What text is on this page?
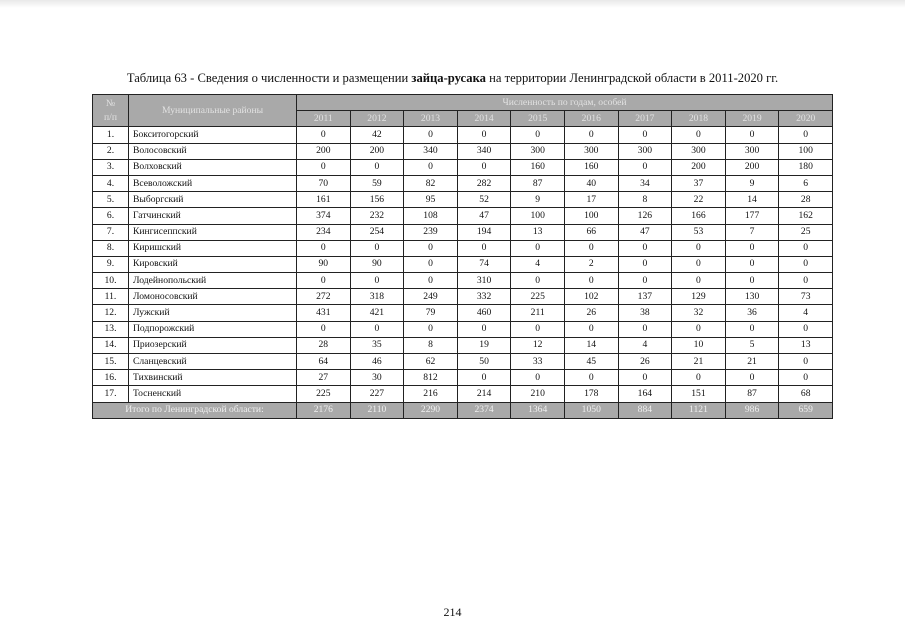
Таблица 63 - Сведения о численности и размещении зайца-русака на территории Ленинградской области в 2011-2020 гг.
№
п/п	Муниципальные районы	Численность по годам, особей									
		2011	2012	2013	2014	2015	2016	2017	2018	2019	2020
1.	Бокситогорский	0	42	0	0	0	0	0	0	0	0
2.	Волосовский	200	200	340	340	300	300	300	300	300	100
3.	Волховский	0	0	0	0	160	160	0	200	200	180
4.	Всеволожский	70	59	82	282	87	40	34	37	9	6
5.	Выборгский	161	156	95	52	9	17	8	22	14	28
6.	Гатчинский	374	232	108	47	100	100	126	166	177	162
7.	Кингисеппский	234	254	239	194	13	66	47	53	7	25
8.	Киришский	0	0	0	0	0	0	0	0	0	0
9.	Кировский	90	90	0	74	4	2	0	0	0	0
10.	Лодейнопольский	0	0	0	310	0	0	0	0	0	0
11.	Ломоносовский	272	318	249	332	225	102	137	129	130	73
12.	Лужский	431	421	79	460	211	26	38	32	36	4
13.	Подпорожский	0	0	0	0	0	0	0	0	0	0
14.	Приозерский	28	35	8	19	12	14	4	10	5	13
15.	Сланцевский	64	46	62	50	33	45	26	21	21	0
16.	Тихвинский	27	30	812	0	0	0	0	0	0	0
17.	Тосненский	225	227	216	214	210	178	164	151	87	68
Итого по Ленинградской области:		2176	2110	2290	2374	1364	1050	884	1121	986	659
214
